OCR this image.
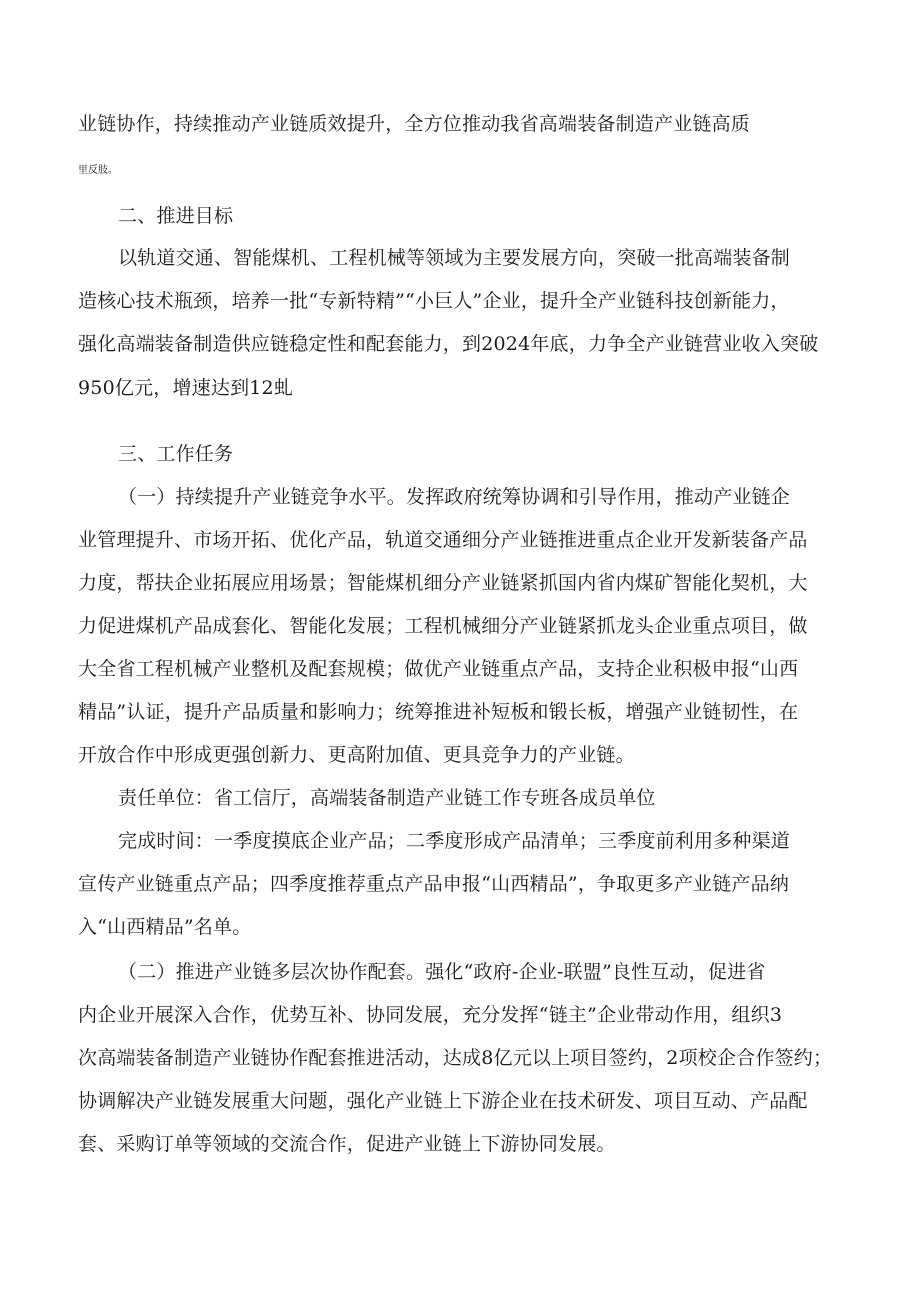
业链协作，持续推动产业链质效提升，全方位推动我省高端装备制造产业链高质
里反肢。
二、推进目标
以轨道交通、智能煤机、工程机械等领域为主要发展方向，突破一批高端装备制
造核心技术瓶颈，培养一批“专新特精”“小巨人”企业，提升全产业链科技创新能力，
强化高端装备制造供应链稳定性和配套能力，到2024年底，力争全产业链营业收入突破
950亿元，增速达到12虬
三、工作任务
（一）持续提升产业链竞争水平。发挥政府统筹协调和引导作用，推动产业链企
业管理提升、市场开拓、优化产品，轨道交通细分产业链推进重点企业开发新装备产品
力度，帮扶企业拓展应用场景；智能煤机细分产业链紧抓国内省内煤矿智能化契机，大
力促进煤机产品成套化、智能化发展；工程机械细分产业链紧抓龙头企业重点项目，做
大全省工程机械产业整机及配套规模；做优产业链重点产品，支持企业积极申报“山西
精品”认证，提升产品质量和影响力；统筹推进补短板和锻长板，增强产业链韧性，在
开放合作中形成更强创新力、更高附加值、更具竞争力的产业链。
责任单位：省工信厅，高端装备制造产业链工作专班各成员单位
完成时间：一季度摸底企业产品；二季度形成产品清单；三季度前利用多种渠道
宣传产业链重点产品；四季度推荐重点产品申报“山西精品”，争取更多产业链产品纳
入“山西精品”名单。
（二）推进产业链多层次协作配套。强化“政府-企业-联盟”良性互动，促进省
内企业开展深入合作，优势互补、协同发展，充分发挥“链主”企业带动作用，组织3
次高端装备制造产业链协作配套推进活动，达成8亿元以上项目签约，2项校企合作签约；
协调解决产业链发展重大问题，强化产业链上下游企业在技术研发、项目互动、产品配
套、采购订单等领域的交流合作，促进产业链上下游协同发展。
